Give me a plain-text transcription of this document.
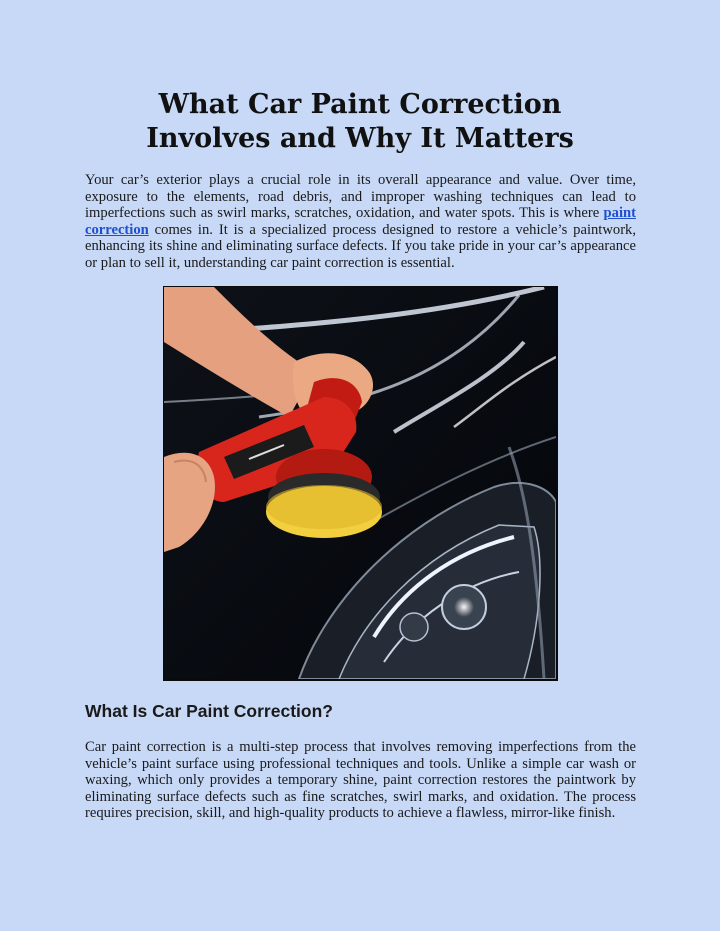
What Car Paint Correction
Involves and Why It Matters

Your car’s exterior plays a crucial role in its overall appearance and value. Over time, exposure to the elements, road debris, and improper washing techniques can lead to imperfections such as swirl marks, scratches, oxidation, and water spots. This is where paint correction comes in. It is a specialized process designed to restore a vehicle’s paintwork, enhancing its shine and eliminating surface defects. If you take pride in your car’s appearance or plan to sell it, understanding car paint correction is essential.

What Is Car Paint Correction?

Car paint correction is a multi-step process that involves removing imperfections from the vehicle’s paint surface using professional techniques and tools. Unlike a simple car wash or waxing, which only provides a temporary shine, paint correction restores the paintwork by eliminating surface defects such as fine scratches, swirl marks, and oxidation. The process requires precision, skill, and high-quality products to achieve a flawless, mirror-like finish.
